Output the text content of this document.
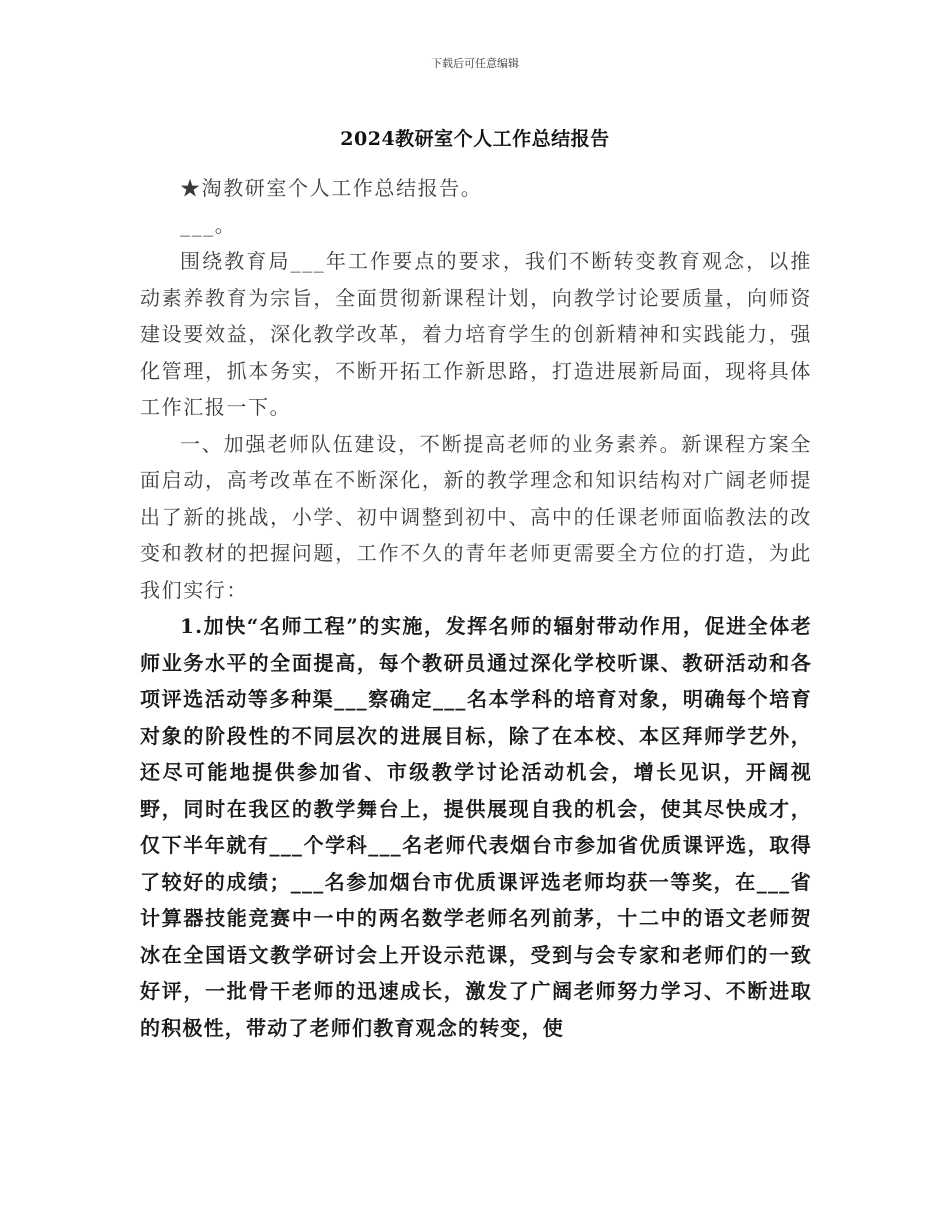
下载后可任意编辑
2024教研室个人工作总结报告

★淘教研室个人工作总结报告。

___。

围绕教育局___年工作要点的要求，我们不断转变教育观念，以推动素养教育为宗旨，全面贯彻新课程计划，向教学讨论要质量，向师资建设要效益，深化教学改革，着力培育学生的创新精神和实践能力，强化管理，抓本务实，不断开拓工作新思路，打造进展新局面，现将具体工作汇报一下。

一、加强老师队伍建设，不断提高老师的业务素养。新课程方案全面启动，高考改革在不断深化，新的教学理念和知识结构对广阔老师提出了新的挑战，小学、初中调整到初中、高中的任课老师面临教法的改变和教材的把握问题，工作不久的青年老师更需要全方位的打造，为此我们实行：

1.加快“名师工程”的实施，发挥名师的辐射带动作用，促进全体老师业务水平的全面提高，每个教研员通过深化学校听课、教研活动和各项评选活动等多种渠___察确定___名本学科的培育对象，明确每个培育对象的阶段性的不同层次的进展目标，除了在本校、本区拜师学艺外，还尽可能地提供参加省、市级教学讨论活动机会，增长见识，开阔视野，同时在我区的教学舞台上，提供展现自我的机会，使其尽快成才，仅下半年就有___个学科___名老师代表烟台市参加省优质课评选，取得了较好的成绩；___名参加烟台市优质课评选老师均获一等奖，在___省计算器技能竞赛中一中的两名数学老师名列前茅，十二中的语文老师贺冰在全国语文教学研讨会上开设示范课，受到与会专家和老师们的一致好评，一批骨干老师的迅速成长，激发了广阔老师努力学习、不断进取的积极性，带动了老师们教育观念的转变，使
